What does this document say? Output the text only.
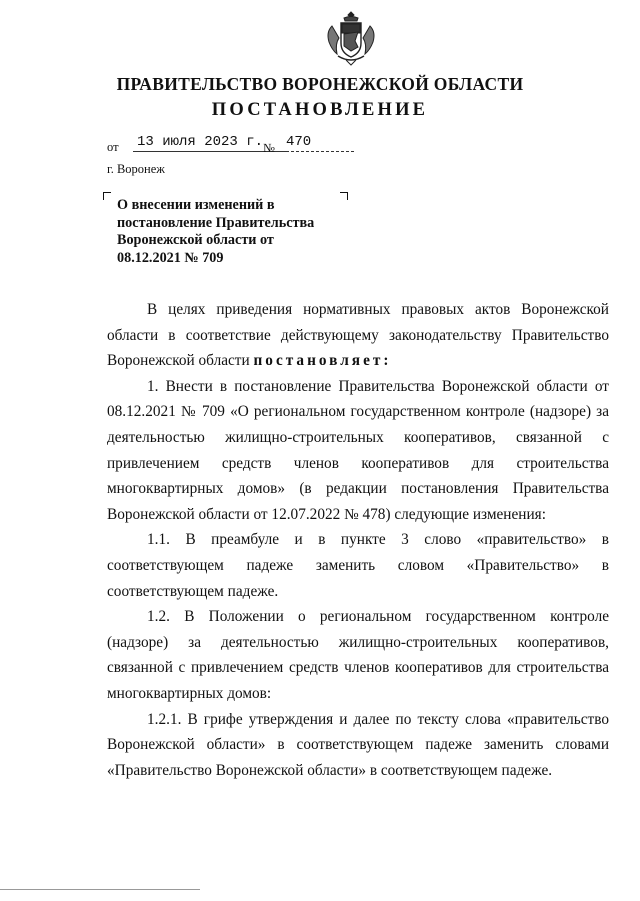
ПРАВИТЕЛЬСТВО ВОРОНЕЖСКОЙ ОБЛАСТИ
ПОСТАНОВЛЕНИЕ
от 13 июля 2023 г. № 470
г. Воронеж
О внесении изменений в
постановление Правительства
Воронежской области от
08.12.2021 № 709

В целях приведения нормативных правовых актов Воронежской области в соответствие действующему законодательству Правительство Воронежской области постановляет:

1. Внести в постановление Правительства Воронежской области от 08.12.2021 № 709 «О региональном государственном контроле (надзоре) за деятельностью жилищно-строительных кооперативов, связанной с привлечением средств членов кооперативов для строительства многоквартирных домов» (в редакции постановления Правительства Воронежской области от 12.07.2022 № 478) следующие изменения:

1.1. В преамбуле и в пункте 3 слово «правительство» в соответствующем падеже заменить словом «Правительство» в соответствующем падеже.

1.2. В Положении о региональном государственном контроле (надзоре) за деятельностью жилищно-строительных кооперативов, связанной с привлечением средств членов кооперативов для строительства многоквартирных домов:

1.2.1. В грифе утверждения и далее по тексту слова «правительство Воронежской области» в соответствующем падеже заменить словами «Правительство Воронежской области» в соответствующем падеже.
